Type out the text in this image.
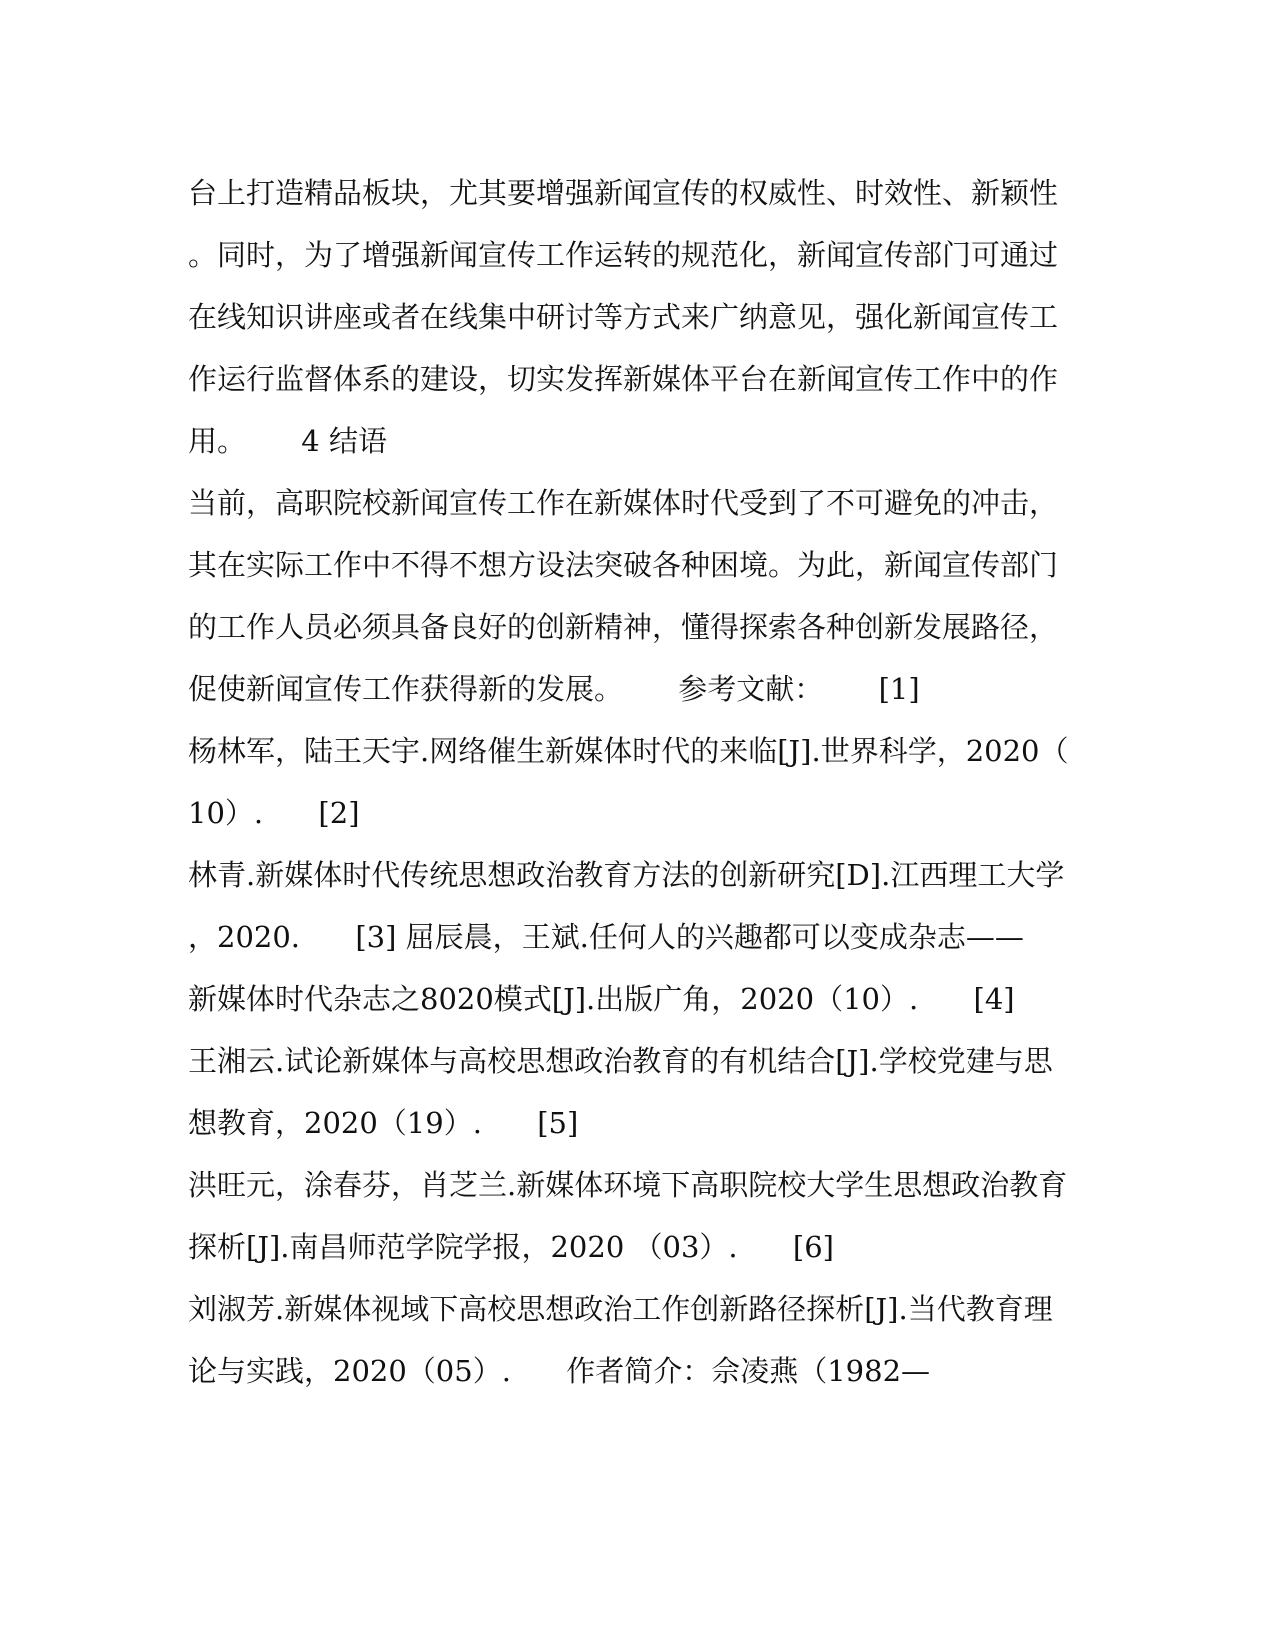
台上打造精品板块，尤其要增强新闻宣传的权威性、时效性、新颖性

。同时，为了增强新闻宣传工作运转的规范化，新闻宣传部门可通过

在线知识讲座或者在线集中研讨等方式来广纳意见，强化新闻宣传工

作运行监督体系的建设，切实发挥新媒体平台在新闻宣传工作中的作

用。      4 结语

当前，高职院校新闻宣传工作在新媒体时代受到了不可避免的冲击，

其在实际工作中不得不想方设法突破各种困境。为此，新闻宣传部门

的工作人员必须具备良好的创新精神，懂得探索各种创新发展路径，

促使新闻宣传工作获得新的发展。      参考文献：      [1]

杨林军，陆王天宇.网络催生新媒体时代的来临[J].世界科学，2020（

10）.      [2]

林青.新媒体时代传统思想政治教育方法的创新研究[D].江西理工大学

，2020.      [3] 屈辰晨，王斌.任何人的兴趣都可以变成杂志——

新媒体时代杂志之8020模式[J].出版广角，2020（10）.      [4]

王湘云.试论新媒体与高校思想政治教育的有机结合[J].学校党建与思

想教育，2020（19）.      [5]

洪旺元，涂春芬，肖芝兰.新媒体环境下高职院校大学生思想政治教育

探析[J].南昌师范学院学报，2020 （03）.      [6]

刘淑芳.新媒体视域下高校思想政治工作创新路径探析[J].当代教育理

论与实践，2020（05）.      作者简介：佘凌燕（1982—
